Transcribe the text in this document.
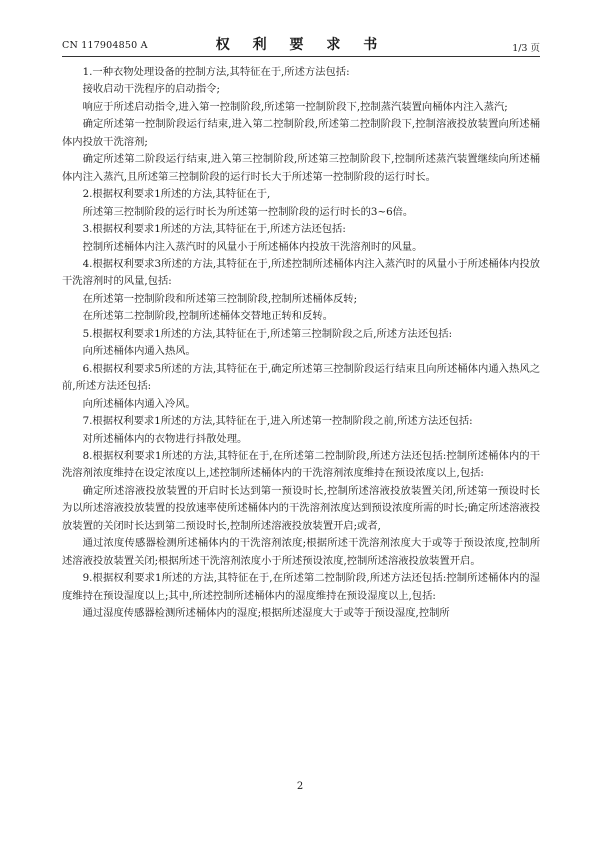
CN 117904850 A	权 利 要 求 书	1/3 页

1.一种衣物处理设备的控制方法,其特征在于,所述方法包括:

接收启动干洗程序的启动指令;

响应于所述启动指令,进入第一控制阶段,所述第一控制阶段下,控制蒸汽装置向桶体内注入蒸汽;

确定所述第一控制阶段运行结束,进入第二控制阶段,所述第二控制阶段下,控制溶液投放装置向所述桶体内投放干洗溶剂;

确定所述第二阶段运行结束,进入第三控制阶段,所述第三控制阶段下,控制所述蒸汽装置继续向所述桶体内注入蒸汽,且所述第三控制阶段的运行时长大于所述第一控制阶段的运行时长。

2.根据权利要求1所述的方法,其特征在于,

所述第三控制阶段的运行时长为所述第一控制阶段的运行时长的3~6倍。

3.根据权利要求1所述的方法,其特征在于,所述方法还包括:

控制所述桶体内注入蒸汽时的风量小于所述桶体内投放干洗溶剂时的风量。

4.根据权利要求3所述的方法,其特征在于,所述控制所述桶体内注入蒸汽时的风量小于所述桶体内投放干洗溶剂时的风量,包括:

在所述第一控制阶段和所述第三控制阶段,控制所述桶体反转;

在所述第二控制阶段,控制所述桶体交替地正转和反转。

5.根据权利要求1所述的方法,其特征在于,所述第三控制阶段之后,所述方法还包括:

向所述桶体内通入热风。

6.根据权利要求5所述的方法,其特征在于,确定所述第三控制阶段运行结束且向所述桶体内通入热风之前,所述方法还包括:

向所述桶体内通入冷风。

7.根据权利要求1所述的方法,其特征在于,进入所述第一控制阶段之前,所述方法还包括:

对所述桶体内的衣物进行抖散处理。

8.根据权利要求1所述的方法,其特征在于,在所述第二控制阶段,所述方法还包括:控制所述桶体内的干洗溶剂浓度维持在设定浓度以上,述控制所述桶体内的干洗溶剂浓度维持在预设浓度以上,包括:

确定所述溶液投放装置的开启时长达到第一预设时长,控制所述溶液投放装置关闭,所述第一预设时长为以所述溶液投放装置的投放速率使所述桶体内的干洗溶剂浓度达到预设浓度所需的时长;确定所述溶液投放装置的关闭时长达到第二预设时长,控制所述溶液投放装置开启;或者,

通过浓度传感器检测所述桶体内的干洗溶剂浓度;根据所述干洗溶剂浓度大于或等于预设浓度,控制所述溶液投放装置关闭;根据所述干洗溶剂浓度小于所述预设浓度,控制所述溶液投放装置开启。

9.根据权利要求1所述的方法,其特征在于,在所述第二控制阶段,所述方法还包括:控制所述桶体内的湿度维持在预设湿度以上;其中,所述控制所述桶体内的湿度维持在预设湿度以上,包括:

通过湿度传感器检测所述桶体内的湿度;根据所述湿度大于或等于预设湿度,控制所

2
